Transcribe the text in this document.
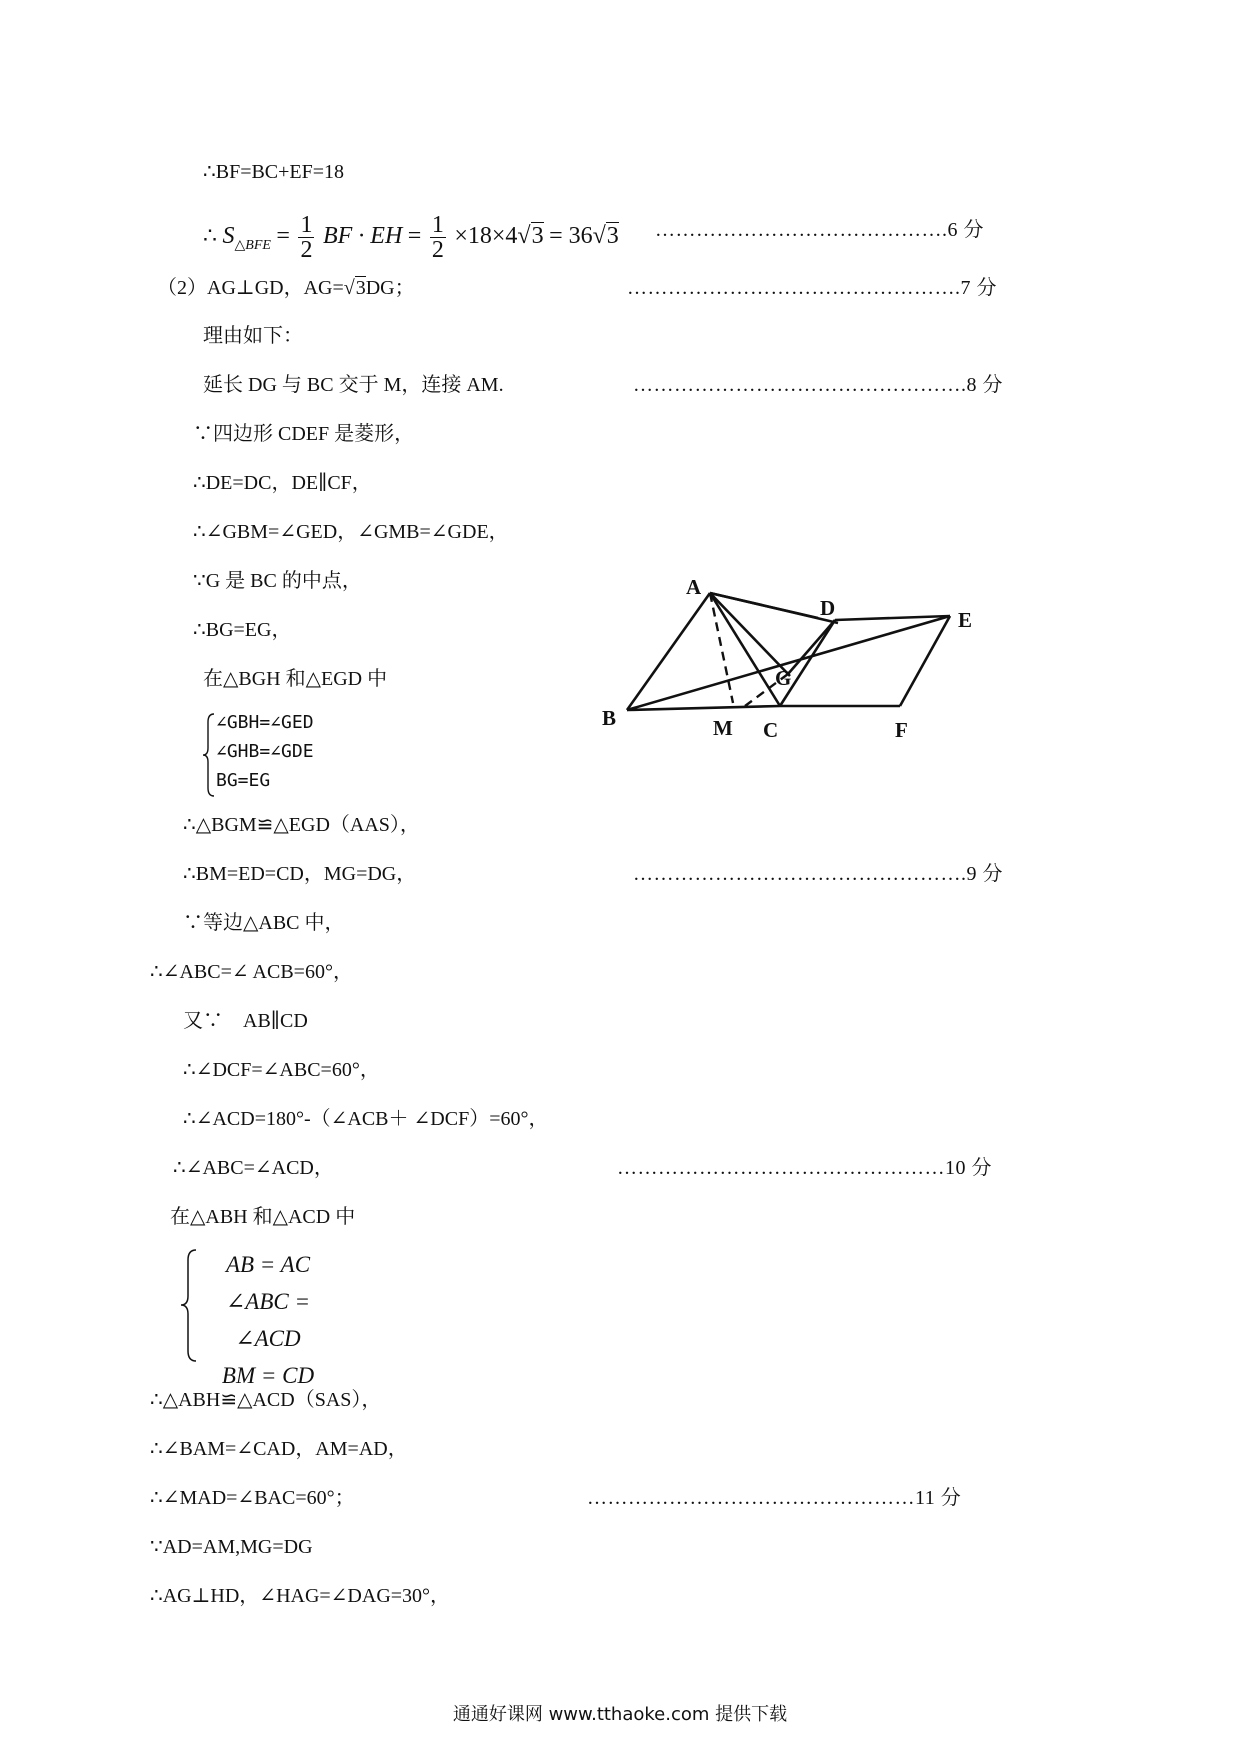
∴BF=BC+EF=18
∴ $S_{\triangle BFE} = \frac{1}{2}$ BF · EH = $\frac{1}{2} \times 18\times 4√3 = 36√3$ …………………………………….6 分
（2）AG⊥GD，AG=√3DG；	………………………………………….7 分
理由如下：
延长 DG 与 BC 交于 M，连接 AM.	………………………………………….8 分
∵四边形 CDEF 是菱形，
∴DE=DC，DE∥CF，
∴∠GBM=∠GED，∠GMB=∠GDE，
∵G 是 BC 的中点，
∴BG=EG，
在△BGH 和△EGD 中
∠GBH=∠GED
∠GHB=∠GDE
BG=EG
∴△BGM≌△EGD（AAS），
∴BM=ED=CD，MG=DG，	………………………………………….9 分
∵等边△ABC 中，
∴∠ABC=∠ ACB=60°，
又∵　AB∥CD
∴∠DCF=∠ABC=60°，
∴∠ACD=180°-（∠ACB＋ ∠DCF）=60°，
∴∠ABC=∠ACD，	…………………………………………10 分
在△ABH 和△ACD 中
AB = AC
∠ABC = ∠ACD
BM = CD
∴△ABH≌△ACD（SAS），
∴∠BAM=∠CAD，AM=AD，
∴∠MAD=∠BAC=60°；	…………………………………………11 分
∵AD=AM,MG=DG
∴AG⊥HD，∠HAG=∠DAG=30°，
A
B	C
D	E
F
G
M
通通好课网 www.tthaoke.com 提供下载
